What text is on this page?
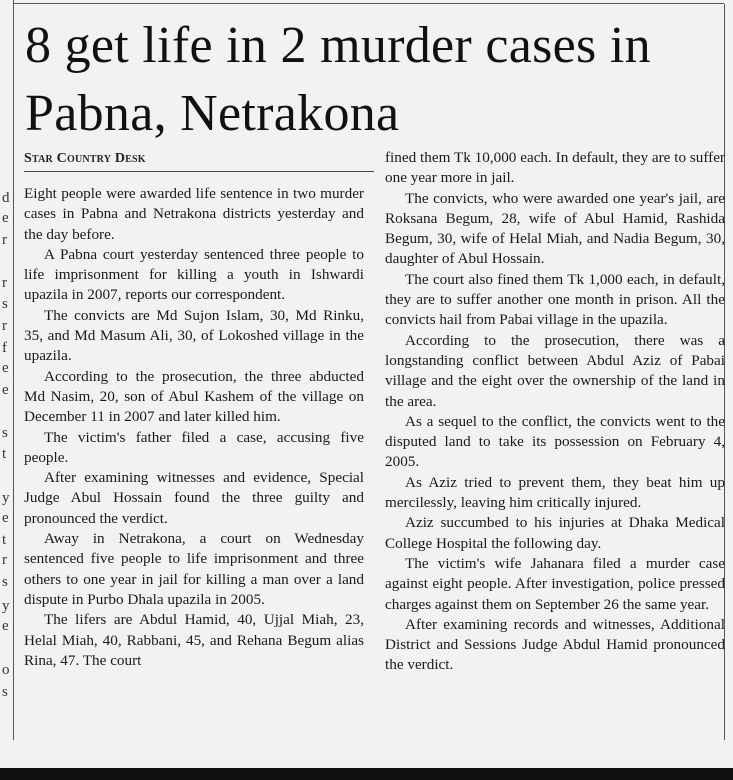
d
e
r
r
s
r
f
e
e
s
t
y
e
t
r
s
y
e
o
s
8 get life in 2 murder cases in Pabna, Netrakona
Star Country Desk

Eight people were awarded life sentence in two murder cases in Pabna and Netrakona districts yesterday and the day before.

A Pabna court yesterday sentenced three people to life imprisonment for killing a youth in Ishwardi upazila in 2007, reports our correspondent.

The convicts are Md Sujon Islam, 30, Md Rinku, 35, and Md Masum Ali, 30, of Lokoshed village in the upazila.

According to the prosecution, the three abducted Md Nasim, 20, son of Abul Kashem of the village on December 11 in 2007 and later killed him.

The victim's father filed a case, accusing five people.

After examining witnesses and evidence, Special Judge Abul Hossain found the three guilty and pronounced the verdict.

Away in Netrakona, a court on Wednesday sentenced five people to life imprisonment and three others to one year in jail for killing a man over a land dispute in Purbo Dhala upazila in 2005.

The lifers are Abdul Hamid, 40, Ujjal Miah, 23, Helal Miah, 40, Rabbani, 45, and Rehana Begum alias Rina, 47. The court

fined them Tk 10,000 each. In default, they are to suffer one year more in jail.

The convicts, who were awarded one year's jail, are Roksana Begum, 28, wife of Abul Hamid, Rashida Begum, 30, wife of Helal Miah, and Nadia Begum, 30, daughter of Abul Hossain.

The court also fined them Tk 1,000 each, in default, they are to suffer another one month in prison. All the convicts hail from Pabai village in the upazila.

According to the prosecution, there was a longstanding conflict between Abdul Aziz of Pabai village and the eight over the ownership of the land in the area.

As a sequel to the conflict, the convicts went to the disputed land to take its possession on February 4, 2005.

As Aziz tried to prevent them, they beat him up mercilessly, leaving him critically injured.

Aziz succumbed to his injuries at Dhaka Medical College Hospital the following day.

The victim's wife Jahanara filed a murder case against eight people. After investigation, police pressed charges against them on September 26 the same year.

After examining records and witnesses, Additional District and Sessions Judge Abdul Hamid pronounced the verdict.
